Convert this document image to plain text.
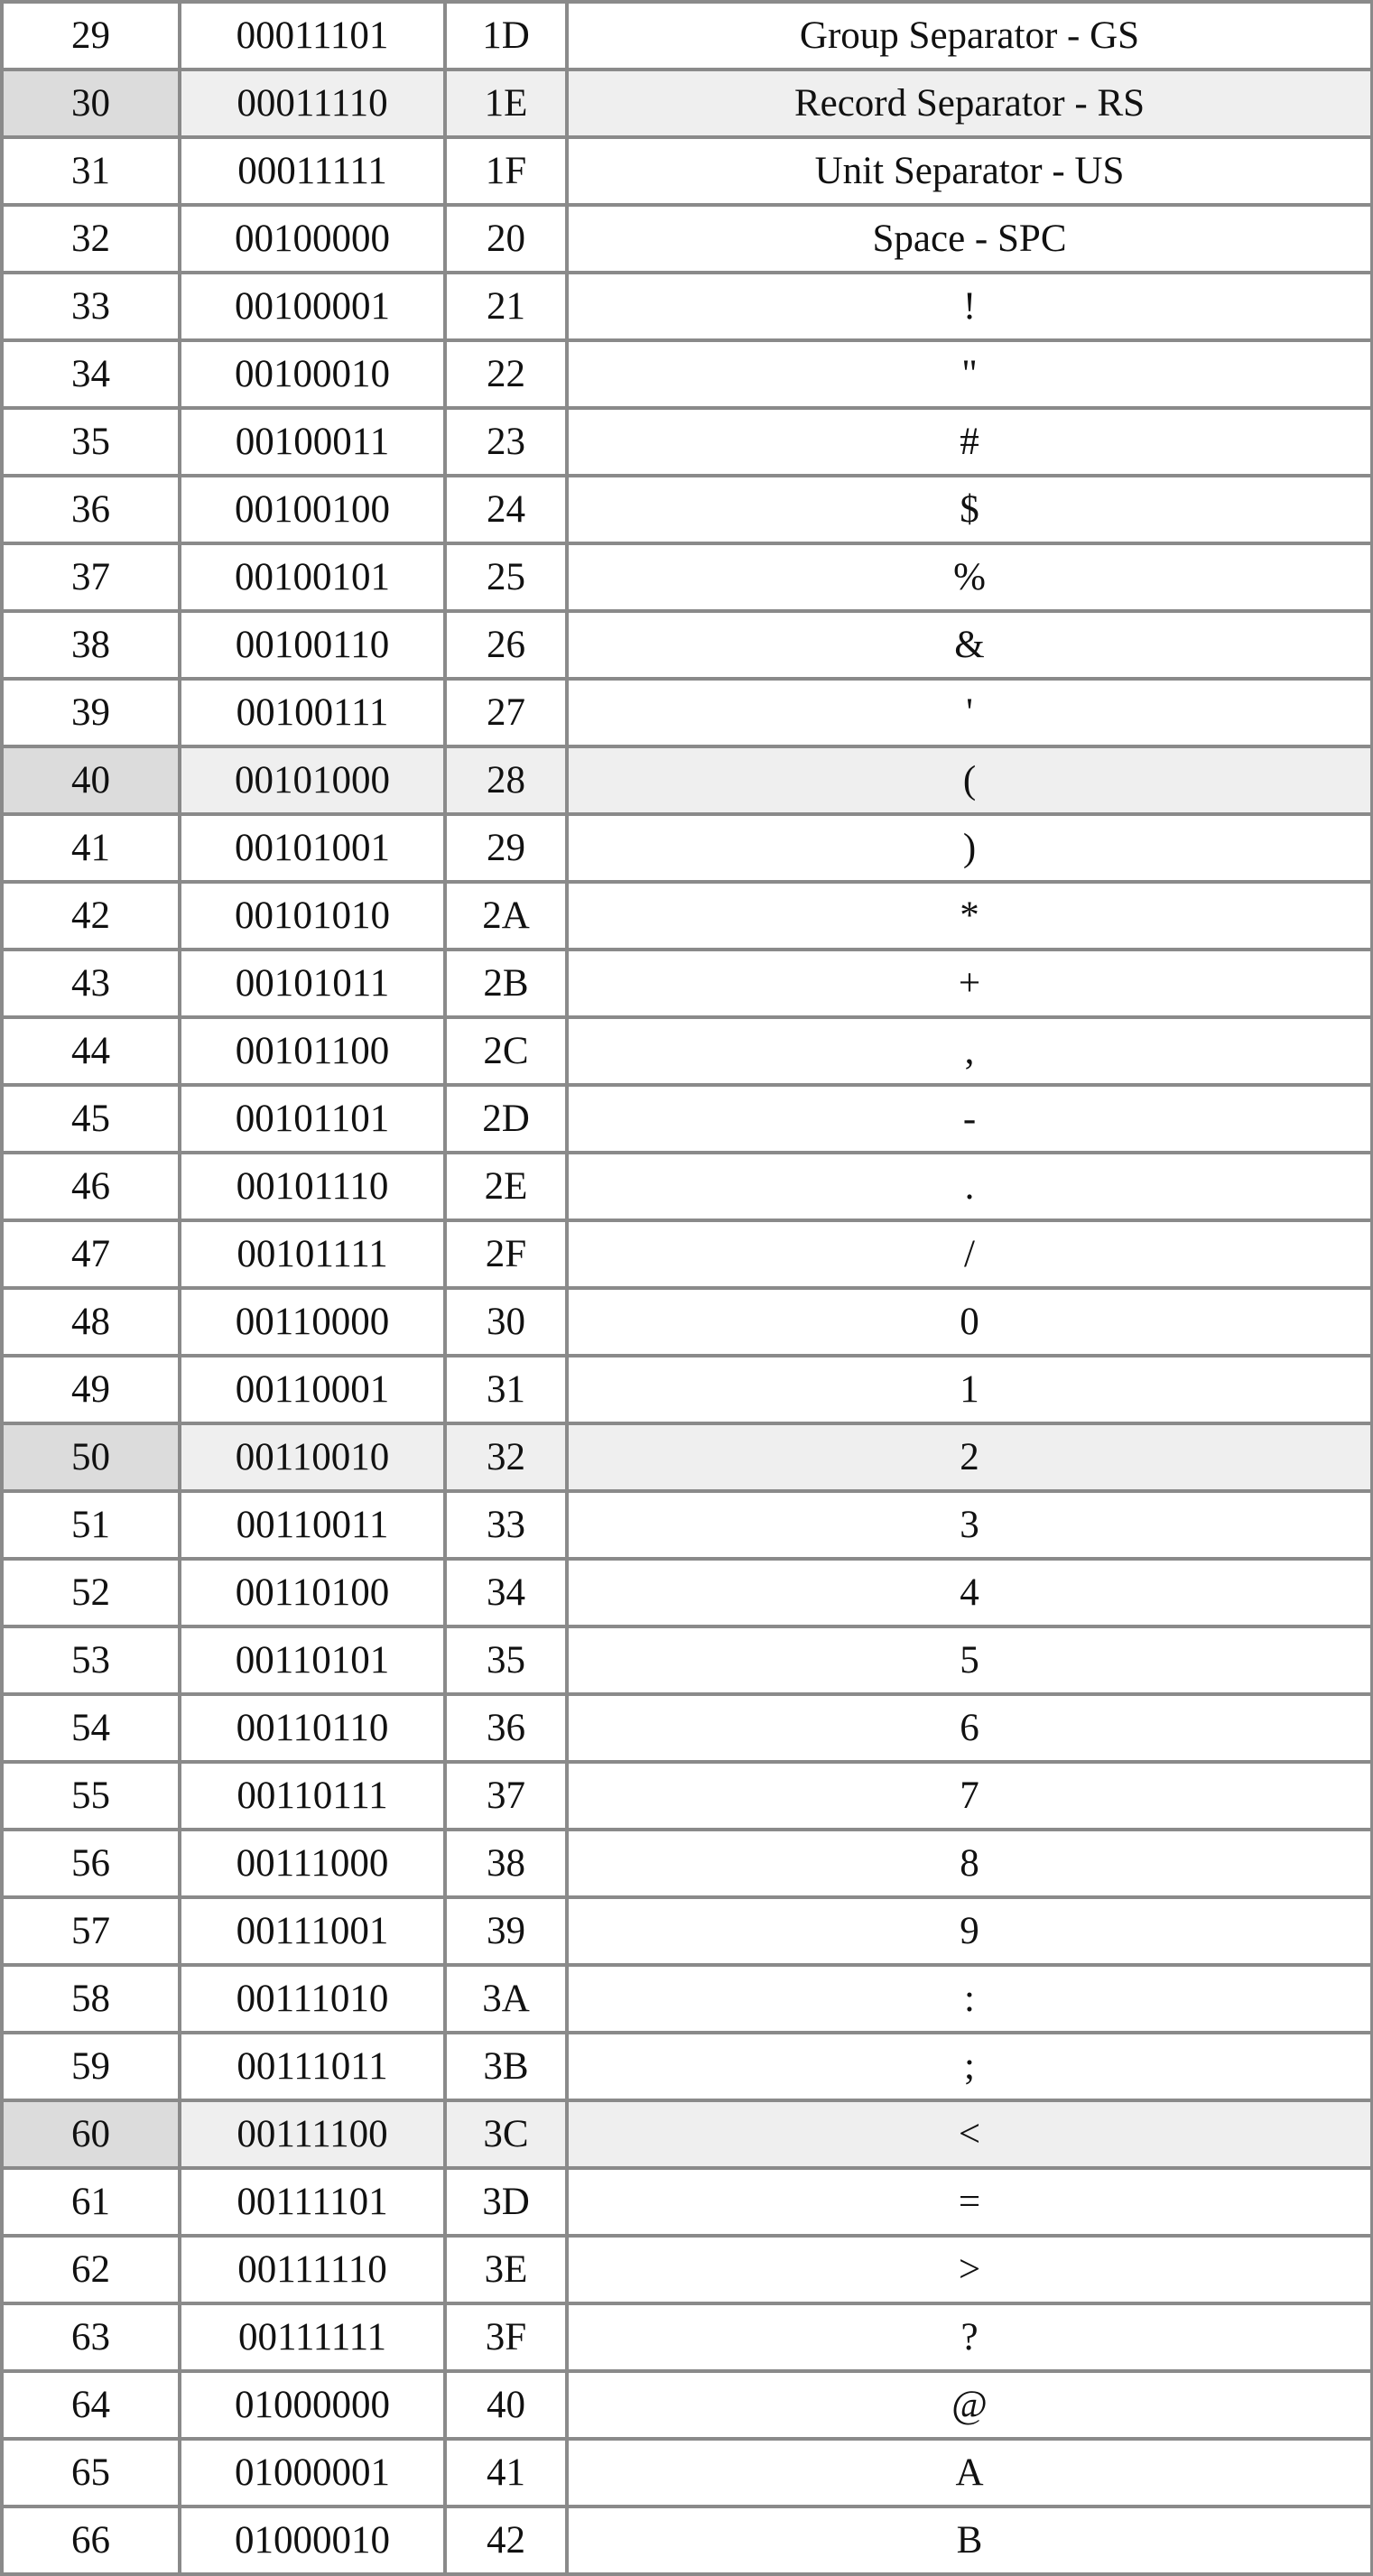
29	00011101	1D	Group Separator - GS
30	00011110	1E	Record Separator - RS
31	00011111	1F	Unit Separator - US
32	00100000	20	Space - SPC
33	00100001	21	!
34	00100010	22	"
35	00100011	23	#
36	00100100	24	$
37	00100101	25	%
38	00100110	26	&
39	00100111	27	'
40	00101000	28	(
41	00101001	29	)
42	00101010	2A	*
43	00101011	2B	+
44	00101100	2C	,
45	00101101	2D	-
46	00101110	2E	.
47	00101111	2F	/
48	00110000	30	0
49	00110001	31	1
50	00110010	32	2
51	00110011	33	3
52	00110100	34	4
53	00110101	35	5
54	00110110	36	6
55	00110111	37	7
56	00111000	38	8
57	00111001	39	9
58	00111010	3A	:
59	00111011	3B	;
60	00111100	3C	<
61	00111101	3D	=
62	00111110	3E	>
63	00111111	3F	?
64	01000000	40	@
65	01000001	41	A
66	01000010	42	B
